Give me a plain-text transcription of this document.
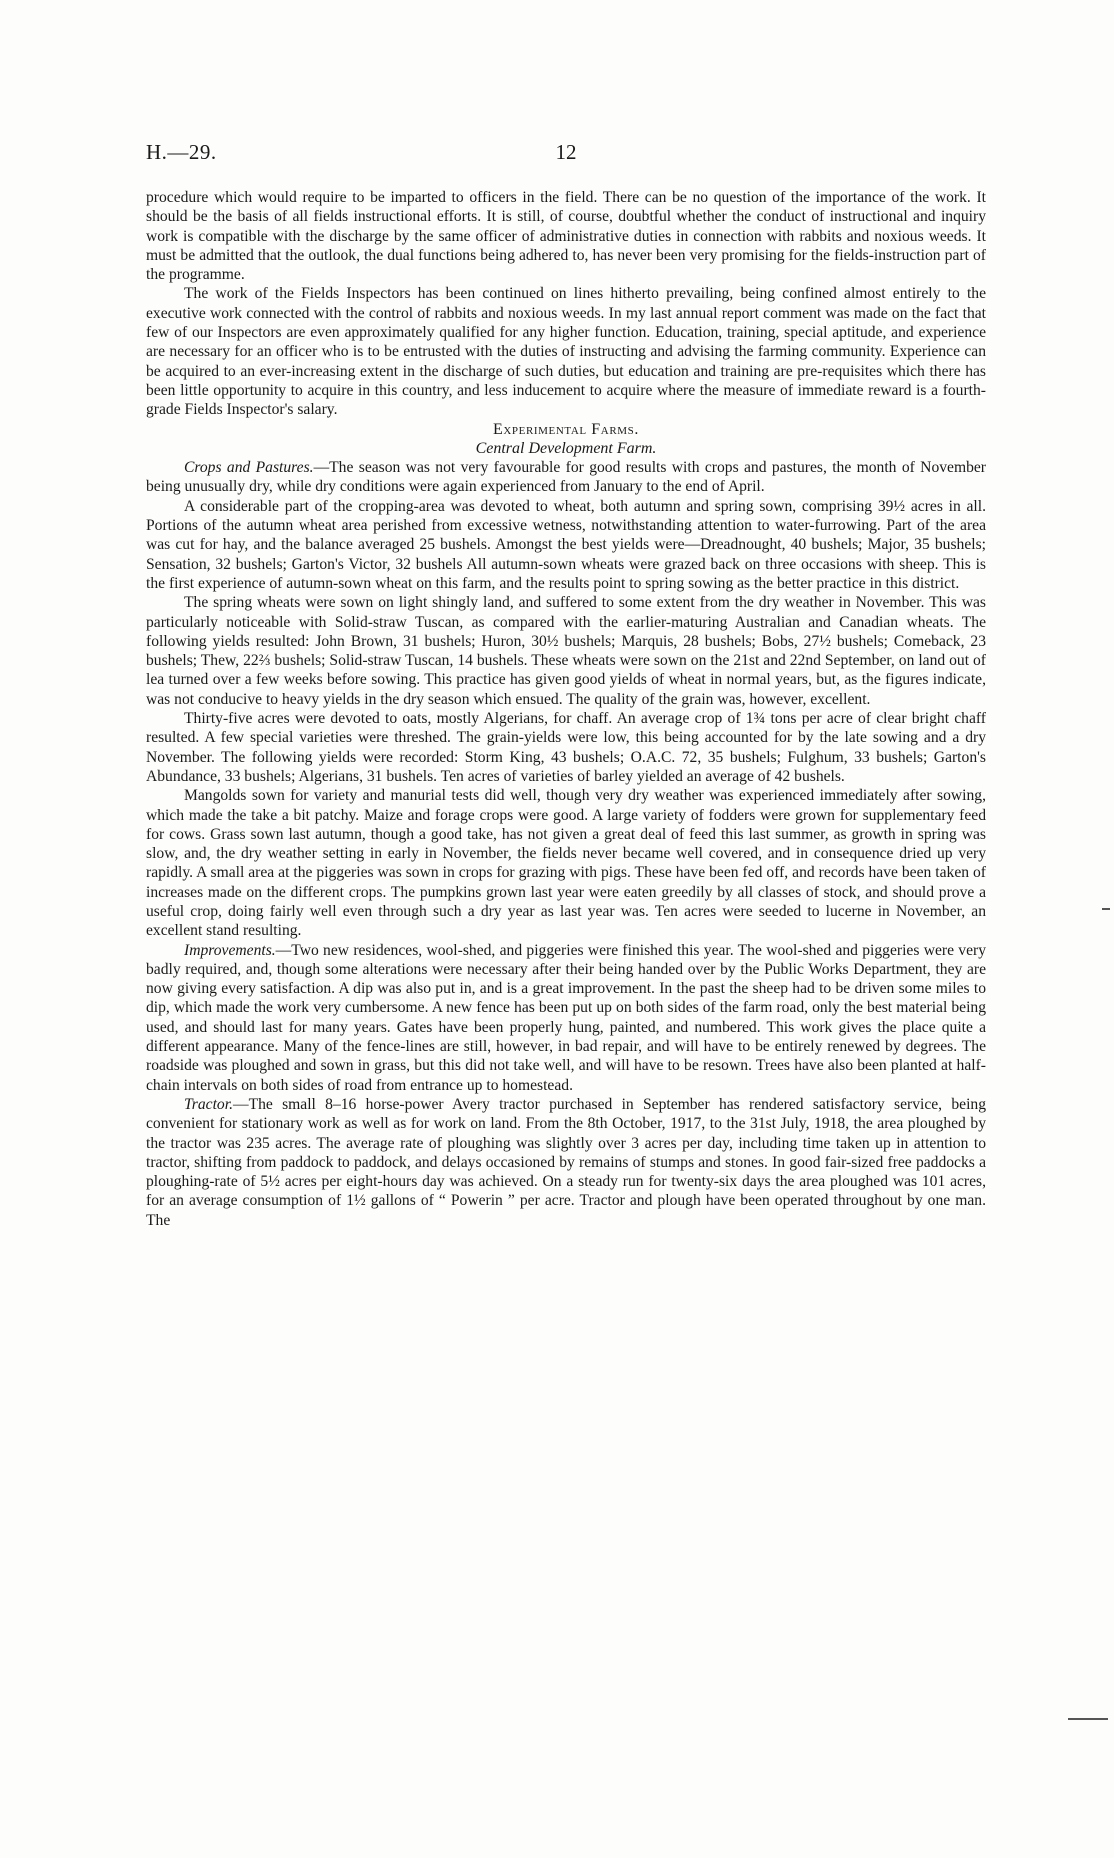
H.—29.	12

procedure which would require to be imparted to officers in the field. There can be no question of the importance of the work. It should be the basis of all fields instructional efforts. It is still, of course, doubtful whether the conduct of instructional and inquiry work is compatible with the discharge by the same officer of administrative duties in connection with rabbits and noxious weeds. It must be admitted that the outlook, the dual functions being adhered to, has never been very promising for the fields-instruction part of the programme.

The work of the Fields Inspectors has been continued on lines hitherto prevailing, being confined almost entirely to the executive work connected with the control of rabbits and noxious weeds. In my last annual report comment was made on the fact that few of our Inspectors are even approximately qualified for any higher function. Education, training, special aptitude, and experience are necessary for an officer who is to be entrusted with the duties of instructing and advising the farming community. Experience can be acquired to an ever-increasing extent in the discharge of such duties, but education and training are pre-requisites which there has been little opportunity to acquire in this country, and less inducement to acquire where the measure of immediate reward is a fourth-grade Fields Inspector's salary.

Experimental Farms.

Central Development Farm.

Crops and Pastures.—The season was not very favourable for good results with crops and pastures, the month of November being unusually dry, while dry conditions were again experienced from January to the end of April.

A considerable part of the cropping-area was devoted to wheat, both autumn and spring sown, comprising 39½ acres in all. Portions of the autumn wheat area perished from excessive wetness, notwithstanding attention to water-furrowing. Part of the area was cut for hay, and the balance averaged 25 bushels. Amongst the best yields were—Dreadnought, 40 bushels; Major, 35 bushels; Sensation, 32 bushels; Garton's Victor, 32 bushels All autumn-sown wheats were grazed back on three occasions with sheep. This is the first experience of autumn-sown wheat on this farm, and the results point to spring sowing as the better practice in this district.

The spring wheats were sown on light shingly land, and suffered to some extent from the dry weather in November. This was particularly noticeable with Solid-straw Tuscan, as compared with the earlier-maturing Australian and Canadian wheats. The following yields resulted: John Brown, 31 bushels; Huron, 30½ bushels; Marquis, 28 bushels; Bobs, 27½ bushels; Comeback, 23 bushels; Thew, 22⅔ bushels; Solid-straw Tuscan, 14 bushels. These wheats were sown on the 21st and 22nd September, on land out of lea turned over a few weeks before sowing. This practice has given good yields of wheat in normal years, but, as the figures indicate, was not conducive to heavy yields in the dry season which ensued. The quality of the grain was, however, excellent.

Thirty-five acres were devoted to oats, mostly Algerians, for chaff. An average crop of 1¾ tons per acre of clear bright chaff resulted. A few special varieties were threshed. The grain-yields were low, this being accounted for by the late sowing and a dry November. The following yields were recorded: Storm King, 43 bushels; O.A.C. 72, 35 bushels; Fulghum, 33 bushels; Garton's Abundance, 33 bushels; Algerians, 31 bushels. Ten acres of varieties of barley yielded an average of 42 bushels.

Mangolds sown for variety and manurial tests did well, though very dry weather was experienced immediately after sowing, which made the take a bit patchy. Maize and forage crops were good. A large variety of fodders were grown for supplementary feed for cows. Grass sown last autumn, though a good take, has not given a great deal of feed this last summer, as growth in spring was slow, and, the dry weather setting in early in November, the fields never became well covered, and in consequence dried up very rapidly. A small area at the piggeries was sown in crops for grazing with pigs. These have been fed off, and records have been taken of increases made on the different crops. The pumpkins grown last year were eaten greedily by all classes of stock, and should prove a useful crop, doing fairly well even through such a dry year as last year was. Ten acres were seeded to lucerne in November, an excellent stand resulting.

Improvements.—Two new residences, wool-shed, and piggeries were finished this year. The wool-shed and piggeries were very badly required, and, though some alterations were necessary after their being handed over by the Public Works Department, they are now giving every satisfaction. A dip was also put in, and is a great improvement. In the past the sheep had to be driven some miles to dip, which made the work very cumbersome. A new fence has been put up on both sides of the farm road, only the best material being used, and should last for many years. Gates have been properly hung, painted, and numbered. This work gives the place quite a different appearance. Many of the fence-lines are still, however, in bad repair, and will have to be entirely renewed by degrees. The roadside was ploughed and sown in grass, but this did not take well, and will have to be resown. Trees have also been planted at half-chain intervals on both sides of road from entrance up to homestead.

Tractor.—The small 8–16 horse-power Avery tractor purchased in September has rendered satisfactory service, being convenient for stationary work as well as for work on land. From the 8th October, 1917, to the 31st July, 1918, the area ploughed by the tractor was 235 acres. The average rate of ploughing was slightly over 3 acres per day, including time taken up in attention to tractor, shifting from paddock to paddock, and delays occasioned by remains of stumps and stones. In good fair-sized free paddocks a ploughing-rate of 5½ acres per eight-hours day was achieved. On a steady run for twenty-six days the area ploughed was 101 acres, for an average consumption of 1½ gallons of “ Powerin ” per acre. Tractor and plough have been operated throughout by one man. The
